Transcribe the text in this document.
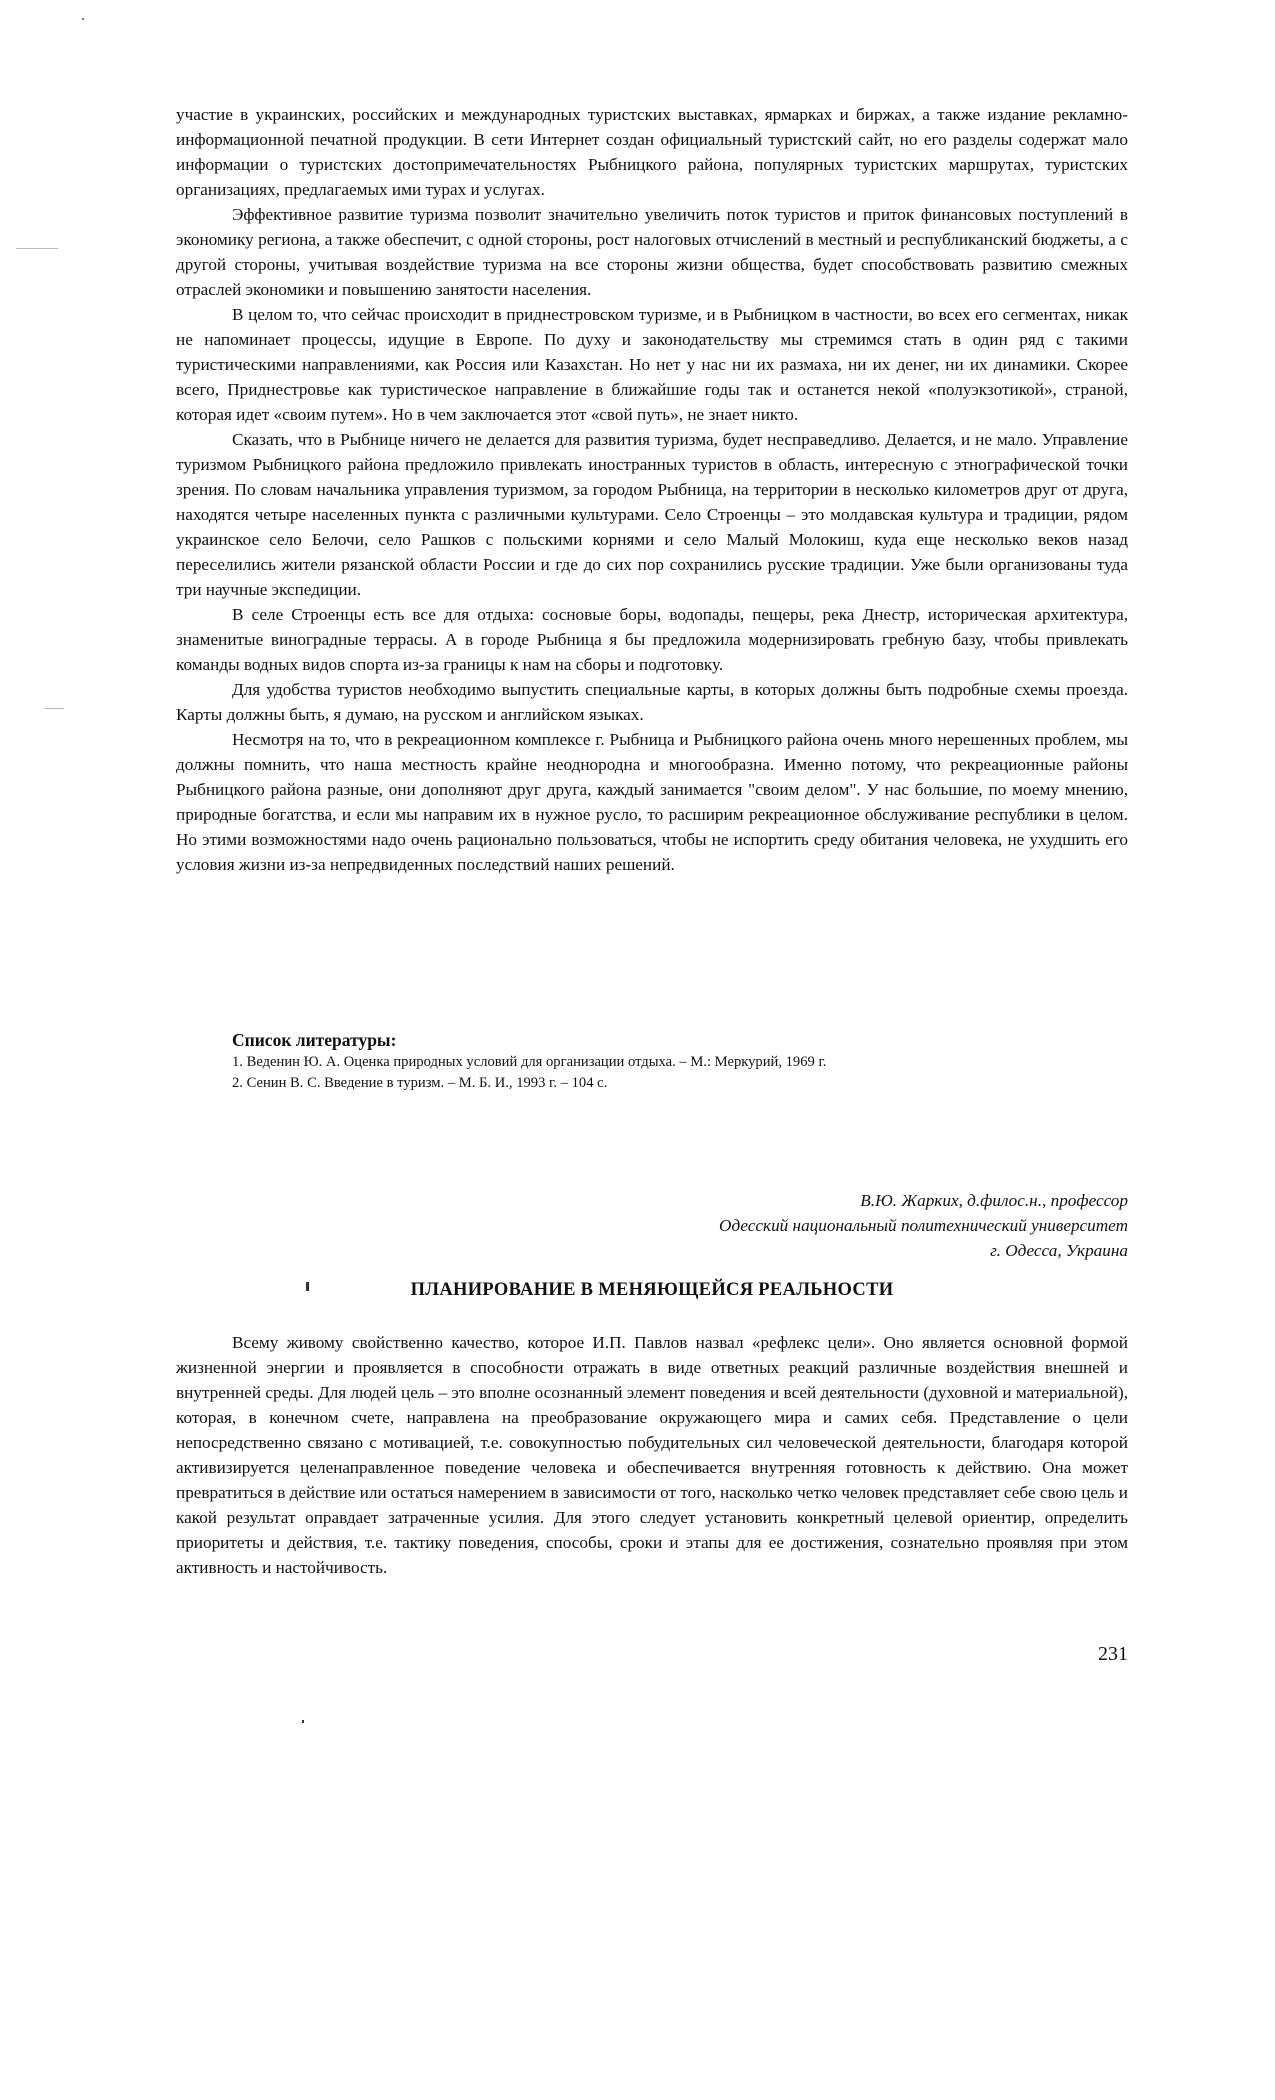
участие в украинских, российских и международных туристских выставках, ярмарках и биржах, а также издание рекламно-информационной печатной продукции. В сети Интернет создан официальный туристский сайт, но его разделы содержат мало информации о туристских достопримечательностях Рыбницкого района, популярных туристских маршрутах, туристских организациях, предлагаемых ими турах и услугах.

Эффективное развитие туризма позволит значительно увеличить поток туристов и приток финансовых поступлений в экономику региона, а также обеспечит, с одной стороны, рост налоговых отчислений в местный и республиканский бюджеты, а с другой стороны, учитывая воздействие туризма на все стороны жизни общества, будет способствовать развитию смежных отраслей экономики и повышению занятости населения.

В целом то, что сейчас происходит в приднестровском туризме, и в Рыбницком в частности, во всех его сегментах, никак не напоминает процессы, идущие в Европе. По духу и законодательству мы стремимся стать в один ряд с такими туристическими направлениями, как Россия или Казахстан. Но нет у нас ни их размаха, ни их денег, ни их динамики. Скорее всего, Приднестровье как туристическое направление в ближайшие годы так и останется некой «полуэкзотикой», страной, которая идет «своим путем». Но в чем заключается этот «свой путь», не знает никто.

Сказать, что в Рыбнице ничего не делается для развития туризма, будет несправедливо. Делается, и не мало. Управление туризмом Рыбницкого района предложило привлекать иностранных туристов в область, интересную с этнографической точки зрения. По словам начальника управления туризмом, за городом Рыбница, на территории в несколько километров друг от друга, находятся четыре населенных пункта с различными культурами. Село Строенцы – это молдавская культура и традиции, рядом украинское село Белочи, село Рашков с польскими корнями и село Малый Молокиш, куда еще несколько веков назад переселились жители рязанской области России и где до сих пор сохранились русские традиции. Уже были организованы туда три научные экспедиции.

В селе Строенцы есть все для отдыха: сосновые боры, водопады, пещеры, река Днестр, историческая архитектура, знаменитые виноградные террасы. А в городе Рыбница я бы предложила модернизировать гребную базу, чтобы привлекать команды водных видов спорта из-за границы к нам на сборы и подготовку.

Для удобства туристов необходимо выпустить специальные карты, в которых должны быть подробные схемы проезда. Карты должны быть, я думаю, на русском и английском языках.

Несмотря на то, что в рекреационном комплексе г. Рыбница и Рыбницкого района очень много нерешенных проблем, мы должны помнить, что наша местность крайне неоднородна и многообразна. Именно потому, что рекреационные районы Рыбницкого района разные, они дополняют друг друга, каждый занимается "своим делом". У нас большие, по моему мнению, природные богатства, и если мы направим их в нужное русло, то расширим рекреационное обслуживание республики в целом. Но этими возможностями надо очень рационально пользоваться, чтобы не испортить среду обитания человека, не ухудшить его условия жизни из-за непредвиденных последствий наших решений.

Список литературы:

1. Веденин Ю. А. Оценка природных условий для организации отдыха. – М.: Меркурий, 1969 г.

2. Сенин В. С. Введение в туризм. – М. Б. И., 1993 г. – 104 с.

В.Ю. Жарких, д.филос.н., профессор

Одесский национальный политехнический университет

г. Одесса, Украина

ПЛАНИРОВАНИЕ В МЕНЯЮЩЕЙСЯ РЕАЛЬНОСТИ

Всему живому свойственно качество, которое И.П. Павлов назвал «рефлекс цели». Оно является основной формой жизненной энергии и проявляется в способности отражать в виде ответных реакций различные воздействия внешней и внутренней среды. Для людей цель – это вполне осознанный элемент поведения и всей деятельности (духовной и материальной), которая, в конечном счете, направлена на преобразование окружающего мира и самих себя. Представление о цели непосредственно связано с мотивацией, т.е. совокупностью побудительных сил человеческой деятельности, благодаря которой активизируется целенаправленное поведение человека и обеспечивается внутренняя готовность к действию. Она может превратиться в действие или остаться намерением в зависимости от того, насколько четко человек представляет себе свою цель и какой результат оправдает затраченные усилия. Для этого следует установить конкретный целевой ориентир, определить приоритеты и действия, т.е. тактику поведения, способы, сроки и этапы для ее достижения, сознательно проявляя при этом активность и настойчивость.

231
